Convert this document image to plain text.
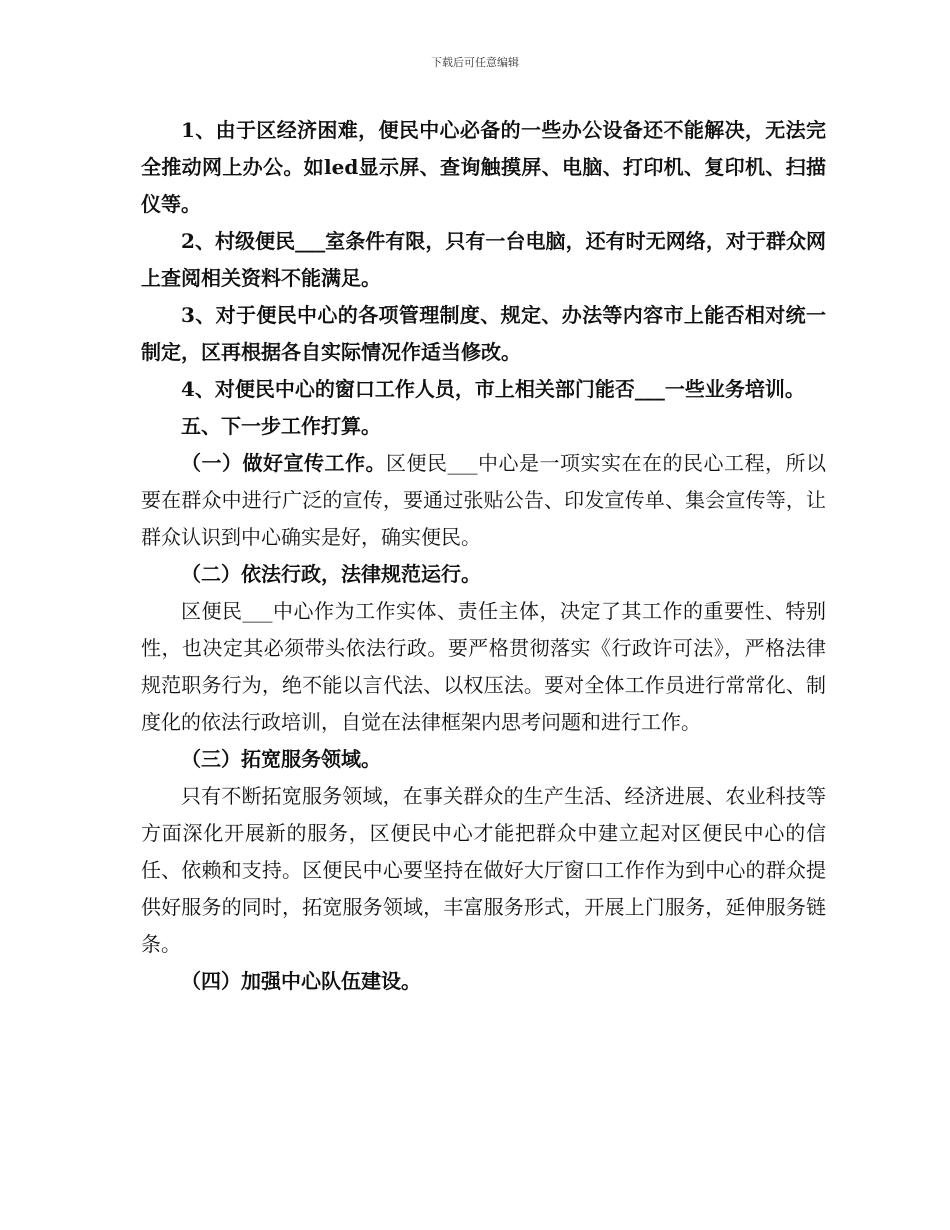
下载后可任意编辑

1、由于区经济困难，便民中心必备的一些办公设备还不能解决，无法完全推动网上办公。如led显示屏、查询触摸屏、电脑、打印机、复印机、扫描仪等。

2、村级便民___室条件有限，只有一台电脑，还有时无网络，对于群众网上查阅相关资料不能满足。

3、对于便民中心的各项管理制度、规定、办法等内容市上能否相对统一制定，区再根据各自实际情况作适当修改。

4、对便民中心的窗口工作人员，市上相关部门能否___一些业务培训。

五、下一步工作打算。

（一）做好宣传工作。区便民___中心是一项实实在在的民心工程，所以要在群众中进行广泛的宣传，要通过张贴公告、印发宣传单、集会宣传等，让群众认识到中心确实是好，确实便民。

（二）依法行政，法律规范运行。

区便民___中心作为工作实体、责任主体，决定了其工作的重要性、特别性，也决定其必须带头依法行政。要严格贯彻落实《行政许可法》，严格法律规范职务行为，绝不能以言代法、以权压法。要对全体工作员进行常常化、制度化的依法行政培训，自觉在法律框架内思考问题和进行工作。

（三）拓宽服务领域。

只有不断拓宽服务领域，在事关群众的生产生活、经济进展、农业科技等方面深化开展新的服务，区便民中心才能把群众中建立起对区便民中心的信任、依赖和支持。区便民中心要坚持在做好大厅窗口工作作为到中心的群众提供好服务的同时，拓宽服务领域，丰富服务形式，开展上门服务，延伸服务链条。

（四）加强中心队伍建设。
